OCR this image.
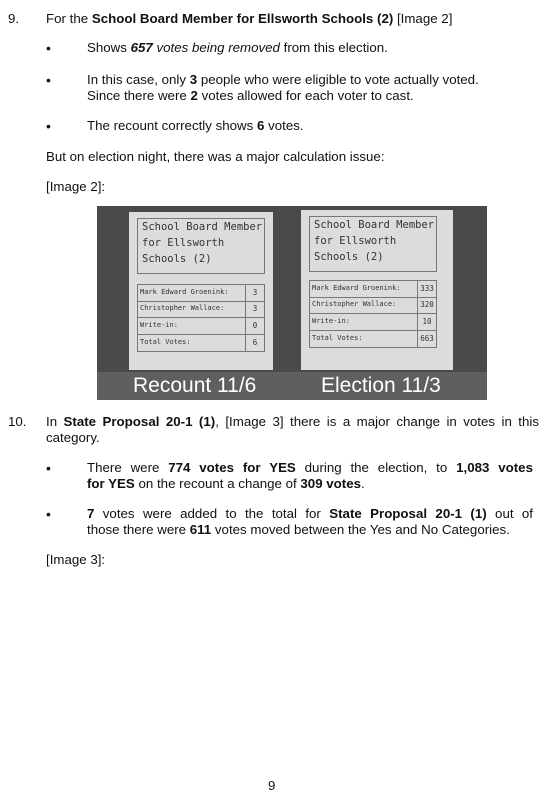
9. For the School Board Member for Ellsworth Schools (2) [Image 2]
•	Shows 657 votes being removed from this election.
•	In this case, only 3 people who were eligible to vote actually voted.
Since there were 2 votes allowed for each voter to cast.
•	The recount correctly shows 6 votes.
But on election night, there was a major calculation issue:
[Image 2]:
School Board Member
for Ellsworth
Schools (2)
Mark Edward Groenink:	3
Christopher Wallace:	3
Write-in:	0
Total Votes:	6
School Board Member
for Ellsworth
Schools (2)
Mark Edward Groenink:	333
Christopher Wallace:	320
Write-in:	10
Total Votes:	663
Recount 11/6	Election 11/3
10. In State Proposal 20-1 (1), [Image 3] there is a major change in votes in this
category.
•	There were 774 votes for YES during the election, to 1,083 votes
for YES on the recount a change of 309 votes.
•	7 votes were added to the total for State Proposal 20-1 (1) out of
those there were 611 votes moved between the Yes and No Categories.
[Image 3]:
9
